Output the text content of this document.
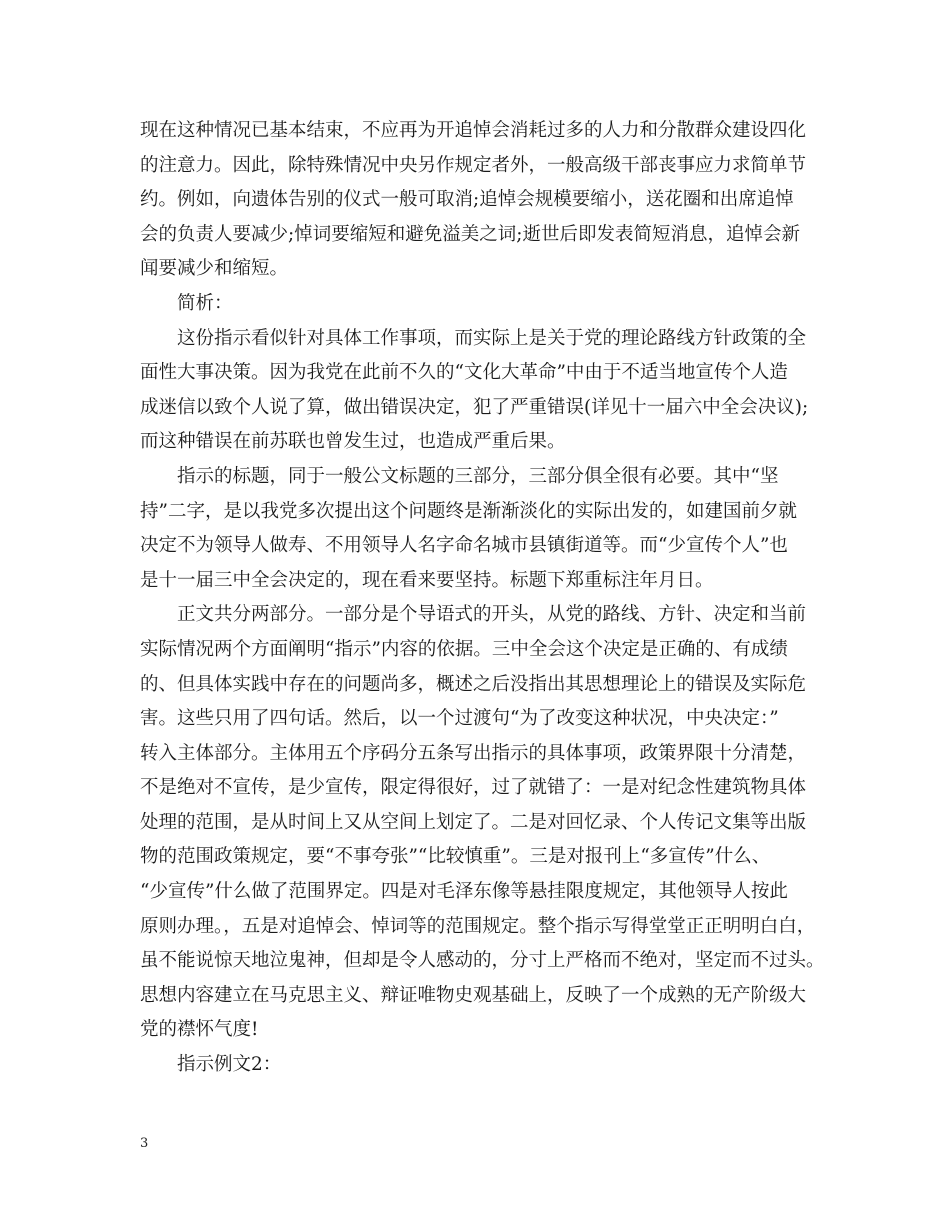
现在这种情况已基本结束，不应再为开追悼会消耗过多的人力和分散群众建设四化
的注意力。因此，除特殊情况中央另作规定者外，一般高级干部丧事应力求简单节
约。例如，向遗体告别的仪式一般可取消;追悼会规模要缩小，送花圈和出席追悼
会的负责人要减少;悼词要缩短和避免溢美之词;逝世后即发表简短消息，追悼会新
闻要减少和缩短。
简析：
这份指示看似针对具体工作事项，而实际上是关于党的理论路线方针政策的全
面性大事决策。因为我党在此前不久的“文化大革命”中由于不适当地宣传个人造
成迷信以致个人说了算，做出错误决定，犯了严重错误(详见十一届六中全会决议);
而这种错误在前苏联也曾发生过，也造成严重后果。
指示的标题，同于一般公文标题的三部分，三部分俱全很有必要。其中“坚
持”二字，是以我党多次提出这个问题终是渐渐淡化的实际出发的，如建国前夕就
决定不为领导人做寿、不用领导人名字命名城市县镇街道等。而“少宣传个人”也
是十一届三中全会决定的，现在看来要坚持。标题下郑重标注年月日。
正文共分两部分。一部分是个导语式的开头，从党的路线、方针、决定和当前
实际情况两个方面阐明“指示”内容的依据。三中全会这个决定是正确的、有成绩
的、但具体实践中存在的问题尚多，概述之后没指出其思想理论上的错误及实际危
害。这些只用了四句话。然后，以一个过渡句“为了改变这种状况，中央决定：”
转入主体部分。主体用五个序码分五条写出指示的具体事项，政策界限十分清楚，
不是绝对不宣传，是少宣传，限定得很好，过了就错了：一是对纪念性建筑物具体
处理的范围，是从时间上又从空间上划定了。二是对回忆录、个人传记文集等出版
物的范围政策规定，要“不事夸张”“比较慎重”。三是对报刊上“多宣传”什么、
“少宣传”什么做了范围界定。四是对毛泽东像等悬挂限度规定，其他领导人按此
原则办理。，五是对追悼会、悼词等的范围规定。整个指示写得堂堂正正明明白白，
虽不能说惊天地泣鬼神，但却是令人感动的，分寸上严格而不绝对，坚定而不过头。
思想内容建立在马克思主义、辩证唯物史观基础上，反映了一个成熟的无产阶级大
党的襟怀气度!
指示例文2：
3
